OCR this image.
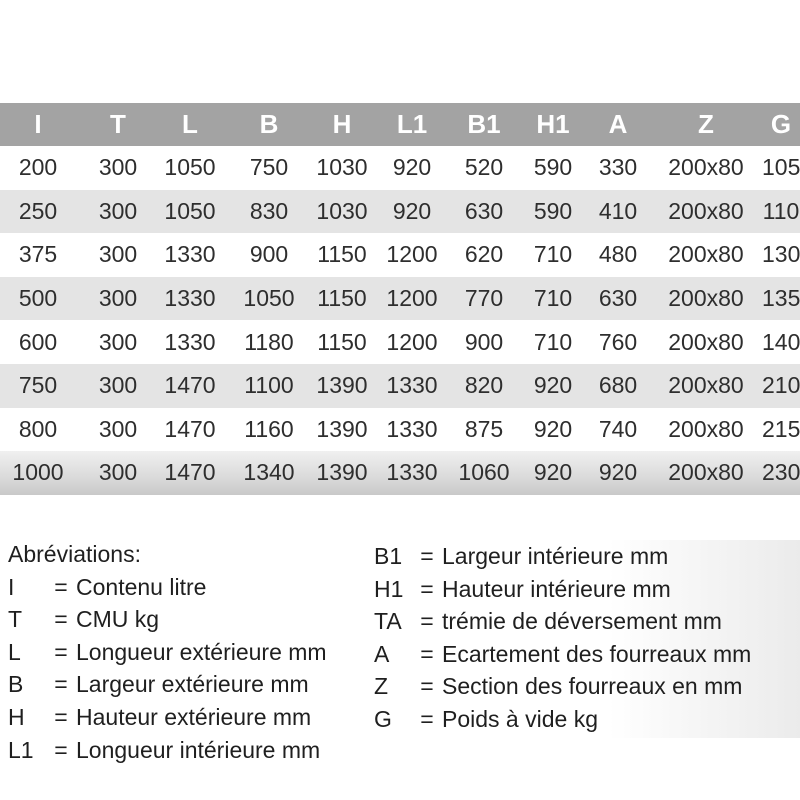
I	T	L	B	H	L1	B1	H1	A	Z	G
200	300	1050	750	1030	920	520	590	330	200x80	105
250	300	1050	830	1030	920	630	590	410	200x80	110
375	300	1330	900	1150	1200	620	710	480	200x80	130
500	300	1330	1050	1150	1200	770	710	630	200x80	135
600	300	1330	1180	1150	1200	900	710	760	200x80	140
750	300	1470	1100	1390	1330	820	920	680	200x80	210
800	300	1470	1160	1390	1330	875	920	740	200x80	215
1000	300	1470	1340	1390	1330	1060	920	920	200x80	230
Abréviations:
I	= Contenu litre
T	= CMU kg
L	= Longueur extérieure mm
B	= Largeur extérieure mm
H	= Hauteur extérieure mm
L1 = Longueur intérieure mm
B1 = Largeur intérieure mm
H1 = Hauteur intérieure mm
TA = trémie de déversement mm
A	= Ecartement des fourreaux mm
Z	= Section des fourreaux en mm
G	= Poids à vide kg
